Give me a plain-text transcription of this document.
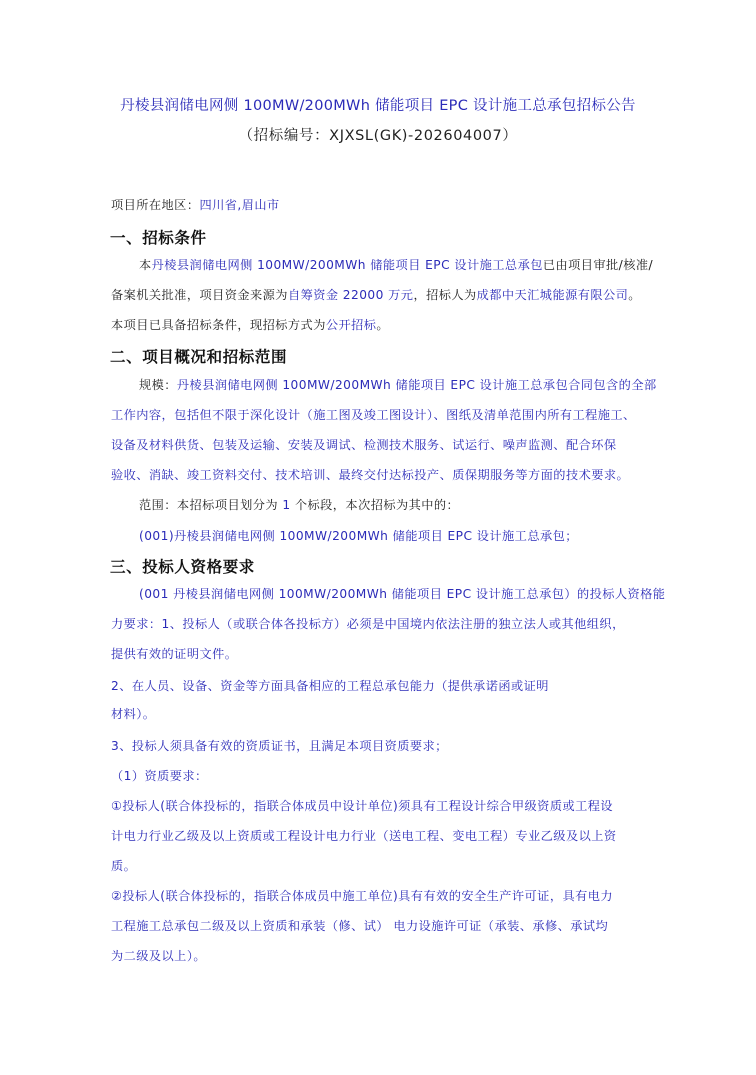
丹棱县润储电网侧 100MW/200MWh 储能项目 EPC 设计施工总承包招标公告
（招标编号：XJXSL(GK)-202604007）
项目所在地区：四川省,眉山市
一、招标条件
本丹棱县润储电网侧 100MW/200MWh 储能项目 EPC 设计施工总承包已由项目审批/核准/
备案机关批准，项目资金来源为自筹资金 22000 万元，招标人为成都中天汇城能源有限公司。
本项目已具备招标条件，现招标方式为公开招标。
二、项目概况和招标范围
规模：丹棱县润储电网侧 100MW/200MWh 储能项目 EPC 设计施工总承包合同包含的全部
工作内容，包括但不限于深化设计（施工图及竣工图设计）、图纸及清单范围内所有工程施工、
设备及材料供货、包装及运输、安装及调试、检测技术服务、试运行、噪声监测、配合环保
验收、消缺、竣工资料交付、技术培训、最终交付达标投产、质保期服务等方面的技术要求。
范围：本招标项目划分为 1 个标段，本次招标为其中的：
(001)丹棱县润储电网侧 100MW/200MWh 储能项目 EPC 设计施工总承包；
三、投标人资格要求
(001 丹棱县润储电网侧 100MW/200MWh 储能项目 EPC 设计施工总承包）的投标人资格能
力要求：1、投标人（或联合体各投标方）必须是中国境内依法注册的独立法人或其他组织，
提供有效的证明文件。
2、在人员、设备、资金等方面具备相应的工程总承包能力（提供承诺函或证明
材料）。
3、投标人须具备有效的资质证书，且满足本项目资质要求；
（1）资质要求：
①投标人(联合体投标的，指联合体成员中设计单位)须具有工程设计综合甲级资质或工程设
计电力行业乙级及以上资质或工程设计电力行业（送电工程、变电工程）专业乙级及以上资
质。
②投标人(联合体投标的，指联合体成员中施工单位)具有有效的安全生产许可证，具有电力
工程施工总承包二级及以上资质和承装（修、试） 电力设施许可证（承装、承修、承试均
为二级及以上）。
